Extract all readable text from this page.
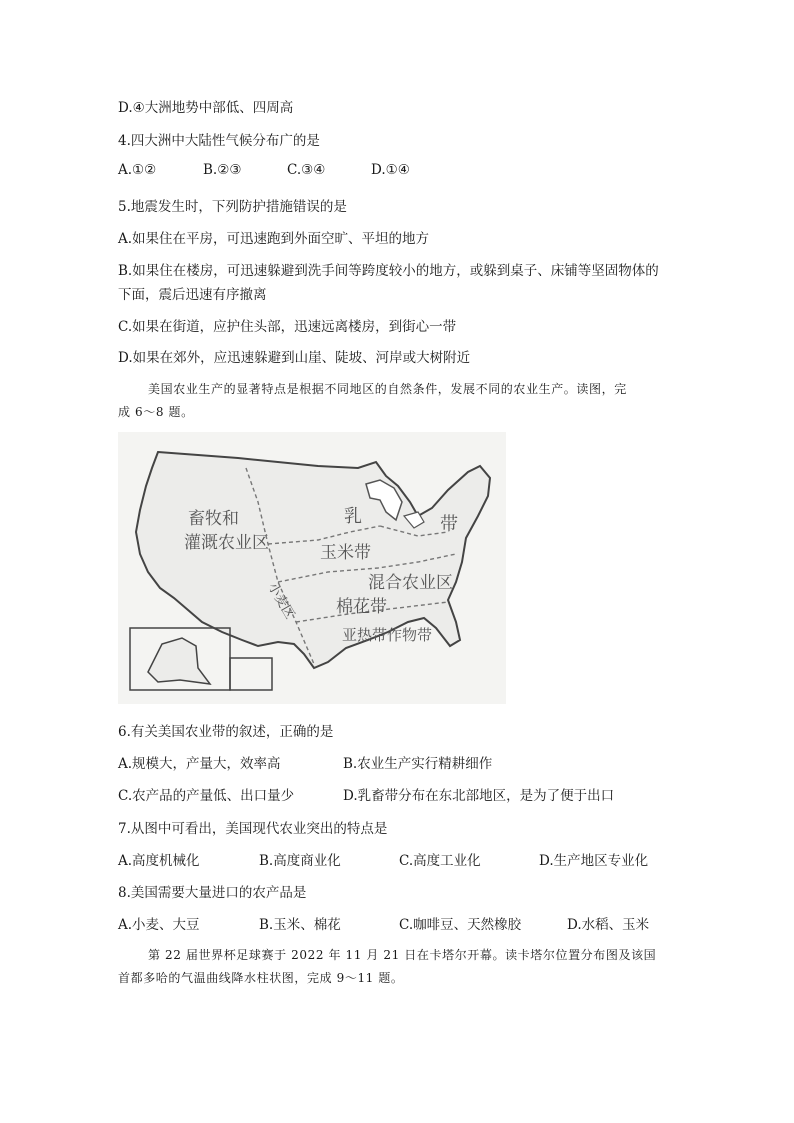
D.④大洲地势中部低、四周高
4.四大洲中大陆性气候分布广的是
A.①②	B.②③	C.③④	D.①④
5.地震发生时，下列防护措施错误的是
A.如果住在平房，可迅速跑到外面空旷、平坦的地方
B.如果住在楼房，可迅速躲避到洗手间等跨度较小的地方，或躲到桌子、床铺等坚固物体的
下面，震后迅速有序撤离
C.如果在街道，应护住头部，迅速远离楼房，到街心一带
D.如果在郊外，应迅速躲避到山崖、陡坡、河岸或大树附近
美国农业生产的显著特点是根据不同地区的自然条件，发展不同的农业生产。读图，完
成 6～8 题。
畜牧和
灌溉农业区
乳	带
玉米带
小麦区	混合农业区
棉花带
亚热带作物带
6.有关美国农业带的叙述，正确的是
A.规模大，产量大，效率高	B.农业生产实行精耕细作
C.农产品的产量低、出口量少	D.乳畜带分布在东北部地区，是为了便于出口
7.从图中可看出，美国现代农业突出的特点是
A.高度机械化	B.高度商业化	C.高度工业化	D.生产地区专业化
8.美国需要大量进口的农产品是
A.小麦、大豆	B.玉米、棉花	C.咖啡豆、天然橡胶	D.水稻、玉米
第 22 届世界杯足球赛于 2022 年 11 月 21 日在卡塔尔开幕。读卡塔尔位置分布图及该国
首都多哈的气温曲线降水柱状图，完成 9～11 题。
